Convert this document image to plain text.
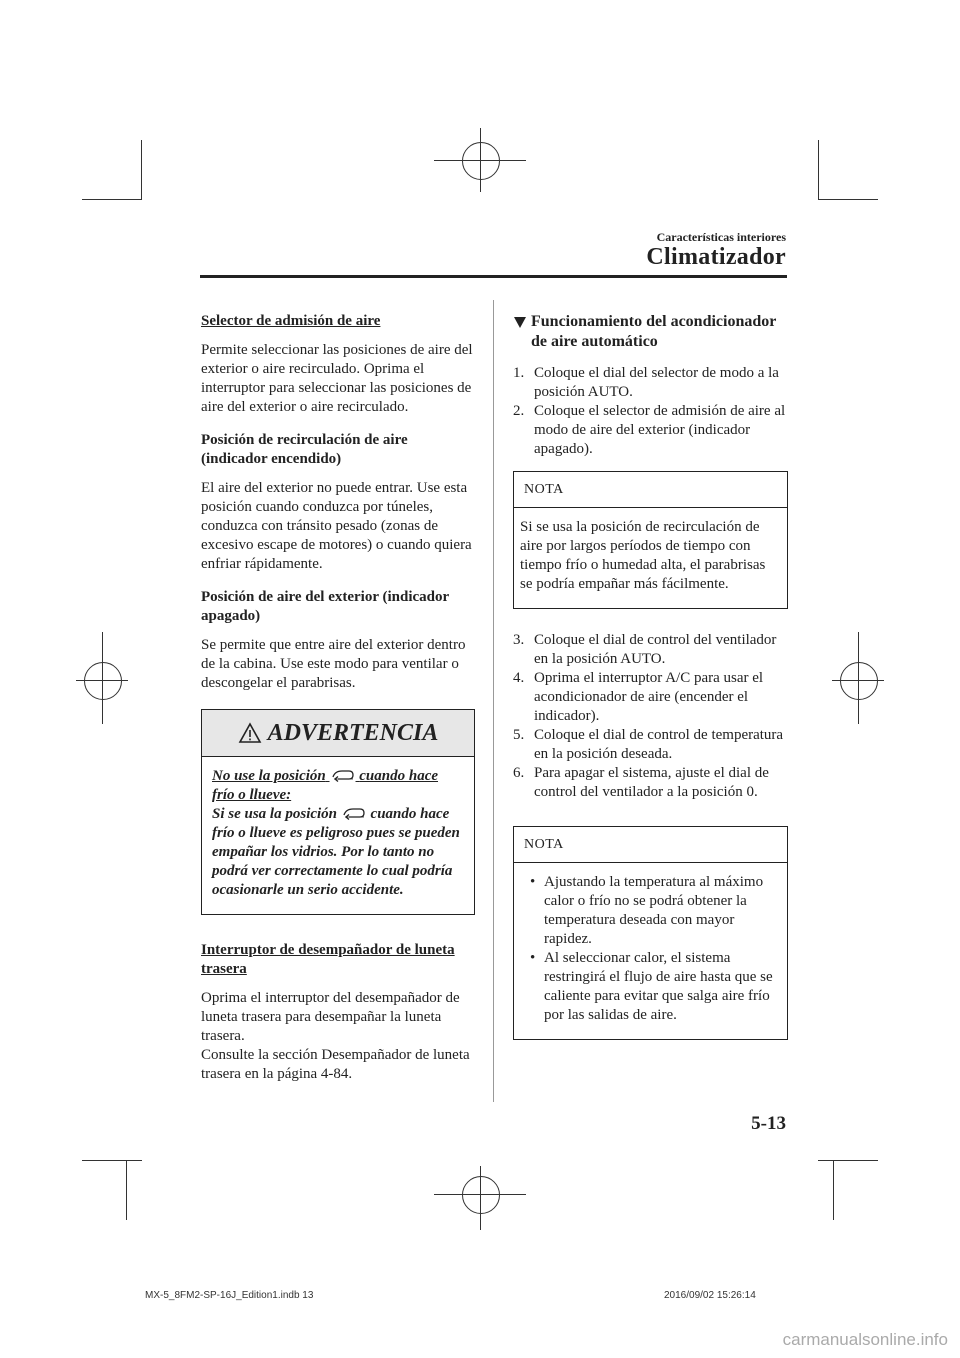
Características interiores
Climatizador
Selector de admisión de aire

Permite seleccionar las posiciones de aire del exterior o aire recirculado. Oprima el interruptor para seleccionar las posiciones de aire del exterior o aire recirculado.

Posición de recirculación de aire (indicador encendido)

El aire del exterior no puede entrar. Use esta posición cuando conduzca por túneles, conduzca con tránsito pesado (zonas de excesivo escape de motores) o cuando quiera enfriar rápidamente.

Posición de aire del exterior (indicador apagado)

Se permite que entre aire del exterior dentro de la cabina. Use este modo para ventilar o descongelar el parabrisas.

ADVERTENCIA
No use la posición cuando hace frío o llueve:
Si se usa la posición cuando hace frío o llueve es peligroso pues se pueden empañar los vidrios. Por lo tanto no podrá ver correctamente lo cual podría ocasionarle un serio accidente.
Interruptor de desempañador de luneta trasera
Oprima el interruptor del desempañador de luneta trasera para desempañar la luneta trasera.
Consulte la sección Desempañador de luneta trasera en la página 4-84.
Funcionamiento del acondicionador de aire automático
1. Coloque el dial del selector de modo a la posición AUTO.
2. Coloque el selector de admisión de aire al modo de aire del exterior (indicador apagado).
NOTA
Si se usa la posición de recirculación de aire por largos períodos de tiempo con tiempo frío o humedad alta, el parabrisas se podría empañar más fácilmente.
3. Coloque el dial de control del ventilador en la posición AUTO.
4. Oprima el interruptor A/C para usar el acondicionador de aire (encender el indicador).
5. Coloque el dial de control de temperatura en la posición deseada.
6. Para apagar el sistema, ajuste el dial de control del ventilador a la posición 0.
NOTA
• Ajustando la temperatura al máximo calor o frío no se podrá obtener la temperatura deseada con mayor rapidez.
• Al seleccionar calor, el sistema restringirá el flujo de aire hasta que se caliente para evitar que salga aire frío por las salidas de aire.
5-13
MX-5_8FM2-SP-16J_Edition1.indb 13	2016/09/02 15:26:14
carmanualsonline.info
